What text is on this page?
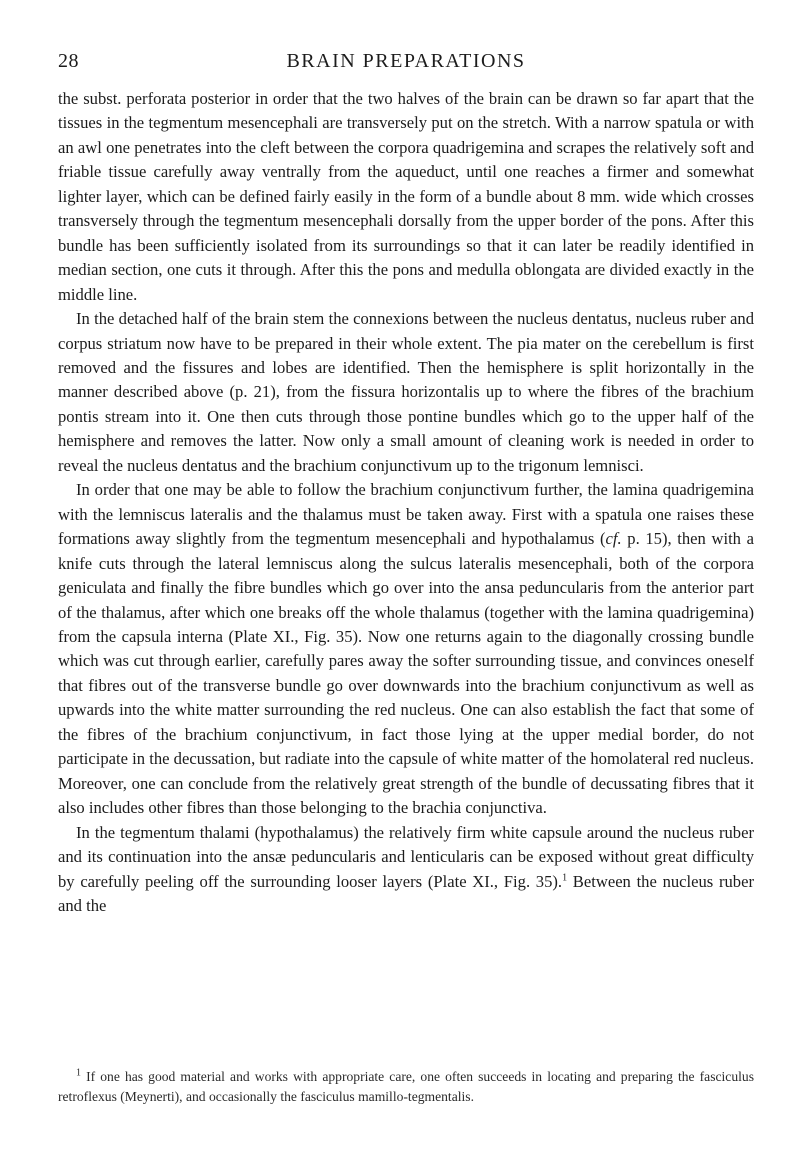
28	BRAIN PREPARATIONS

the subst. perforata posterior in order that the two halves of the brain can be drawn so far apart that the tissues in the tegmentum mesencephali are transversely put on the stretch. With a narrow spatula or with an awl one penetrates into the cleft between the corpora quadrigemina and scrapes the relatively soft and friable tissue carefully away ventrally from the aqueduct, until one reaches a firmer and somewhat lighter layer, which can be defined fairly easily in the form of a bundle about 8 mm. wide which crosses transversely through the tegmentum mesencephali dorsally from the upper border of the pons. After this bundle has been sufficiently isolated from its surroundings so that it can later be readily identified in median section, one cuts it through. After this the pons and medulla oblongata are divided exactly in the middle line.

In the detached half of the brain stem the connexions between the nucleus dentatus, nucleus ruber and corpus striatum now have to be prepared in their whole extent. The pia mater on the cerebellum is first removed and the fissures and lobes are identified. Then the hemisphere is split horizontally in the manner described above (p. 21), from the fissura horizontalis up to where the fibres of the brachium pontis stream into it. One then cuts through those pontine bundles which go to the upper half of the hemisphere and removes the latter. Now only a small amount of cleaning work is needed in order to reveal the nucleus dentatus and the brachium conjunctivum up to the trigonum lemnisci.

In order that one may be able to follow the brachium conjunctivum further, the lamina quadrigemina with the lemniscus lateralis and the thalamus must be taken away. First with a spatula one raises these formations away slightly from the tegmentum mesencephali and hypothalamus (cf. p. 15), then with a knife cuts through the lateral lemniscus along the sulcus lateralis mesencephali, both of the corpora geniculata and finally the fibre bundles which go over into the ansa peduncularis from the anterior part of the thalamus, after which one breaks off the whole thalamus (together with the lamina quadrigemina) from the capsula interna (Plate XI., Fig. 35). Now one returns again to the diagonally crossing bundle which was cut through earlier, carefully pares away the softer surrounding tissue, and convinces oneself that fibres out of the transverse bundle go over downwards into the brachium conjunctivum as well as upwards into the white matter surrounding the red nucleus. One can also establish the fact that some of the fibres of the brachium conjunctivum, in fact those lying at the upper medial border, do not participate in the decussation, but radiate into the capsule of white matter of the homolateral red nucleus. Moreover, one can conclude from the relatively great strength of the bundle of decussating fibres that it also includes other fibres than those belonging to the brachia conjunctiva.

In the tegmentum thalami (hypothalamus) the relatively firm white capsule around the nucleus ruber and its continuation into the ansæ peduncularis and lenticularis can be exposed without great difficulty by carefully peeling off the surrounding looser layers (Plate XI., Fig. 35).$^1$ Between the nucleus ruber and the

$^1$ If one has good material and works with appropriate care, one often succeeds in locating and preparing the fasciculus retroflexus (Meynerti), and occasionally the fasciculus mamillo-tegmentalis.
